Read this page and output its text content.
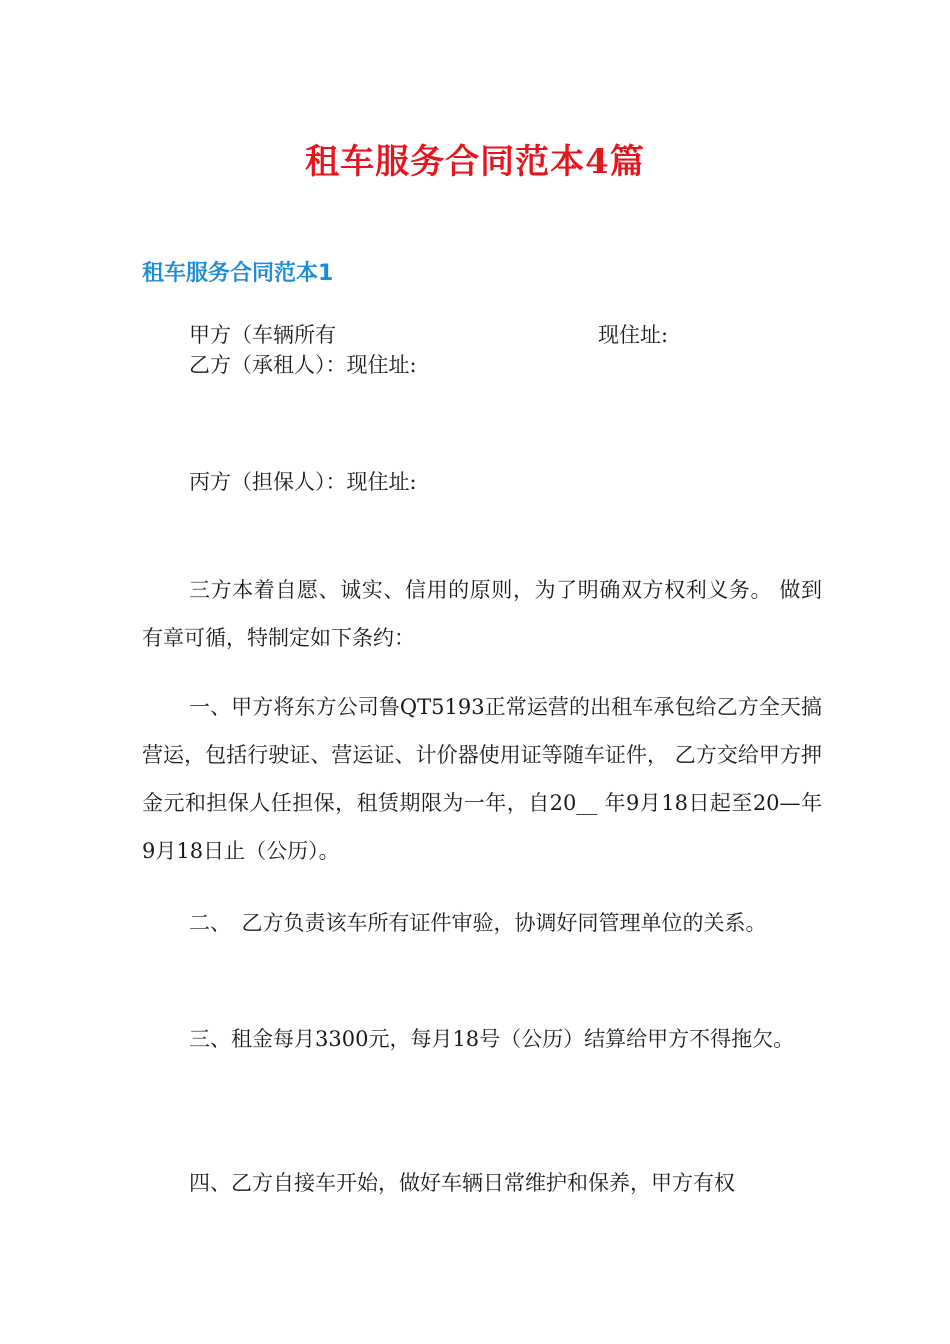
租车服务合同范本4篇
租车服务合同范本1
甲方（车辆所有	现住址:
乙方（承租人）：现住址:
丙方（担保人）：现住址:
三方本着自愿、诚实、信用的原则，为了明确双方权利义务。 做到有章可循，特制定如下条约：
一、甲方将东方公司鲁QT5193正常运营的出租车承包给乙方全天搞营运，包括行驶证、营运证、计价器使用证等随车证件， 乙方交给甲方押金元和担保人任担保，租赁期限为一年，自20__ 年9月18日起至20—年9月18日止（公历）。
二、　乙方负责该车所有证件审验，协调好同管理单位的关系。
三、租金每月3300元，每月18号（公历）结算给甲方不得拖欠。
四、乙方自接车开始，做好车辆日常维护和保养，甲方有权
